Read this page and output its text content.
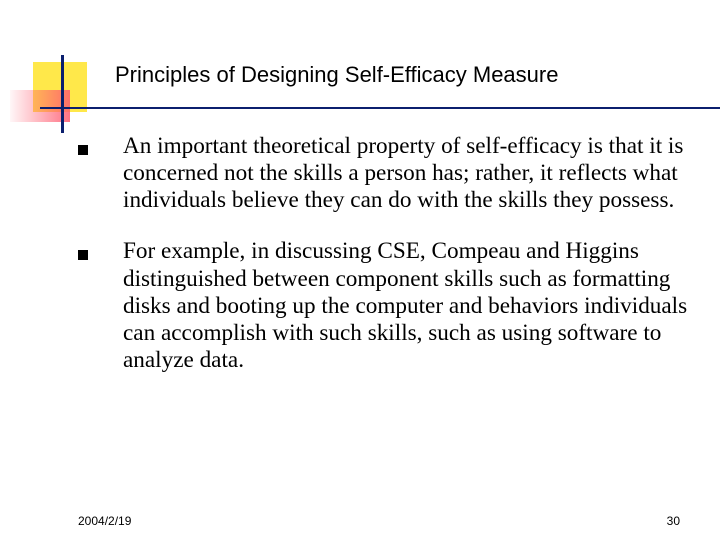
Principles of Designing Self-Efficacy Measure
An important theoretical property of self-efficacy is that it is concerned not the skills a person has; rather, it reflects what individuals believe they can do with the skills they possess.
For example, in discussing CSE, Compeau and Higgins distinguished between component skills such as formatting disks and booting up the computer and behaviors individuals can accomplish with such skills, such as using software to analyze data.
2004/2/19	30
